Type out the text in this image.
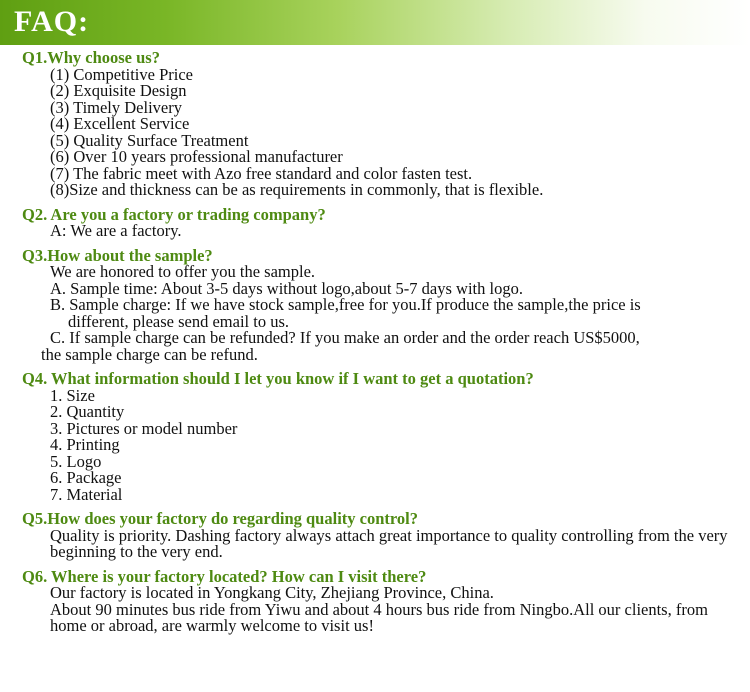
FAQ:
Q1.Why choose us?
(1) Competitive Price
(2) Exquisite Design
(3) Timely Delivery
(4) Excellent Service
(5) Quality Surface Treatment
(6) Over 10 years professional manufacturer
(7) The fabric meet with Azo free standard and color fasten test.
(8)Size and thickness can be as requirements in commonly, that is flexible.
Q2. Are you a factory or trading company?
A: We are a factory.
Q3.How about the sample?
We are honored to offer you the sample.
A. Sample time: About 3-5 days without logo,about 5-7 days with logo.
B. Sample charge: If we have stock sample,free for you.If produce the sample,the price is
different, please send email to us.
C. If sample charge can be refunded? If you make an order and the order reach US$5000,
the sample charge can be refund.
Q4. What information should I let you know if I want to get a quotation?
1. Size
2. Quantity
3. Pictures or model number
4. Printing
5. Logo
6. Package
7. Material
Q5.How does your factory do regarding quality control?
Quality is priority. Dashing factory always attach great importance to quality controlling from the very beginning to the very end.
Q6. Where is your factory located? How can I visit there?
Our factory is located in Yongkang City, Zhejiang Province, China.
About 90 minutes bus ride from Yiwu and about 4 hours bus ride from Ningbo.All our clients, from home or abroad, are warmly welcome to visit us!
